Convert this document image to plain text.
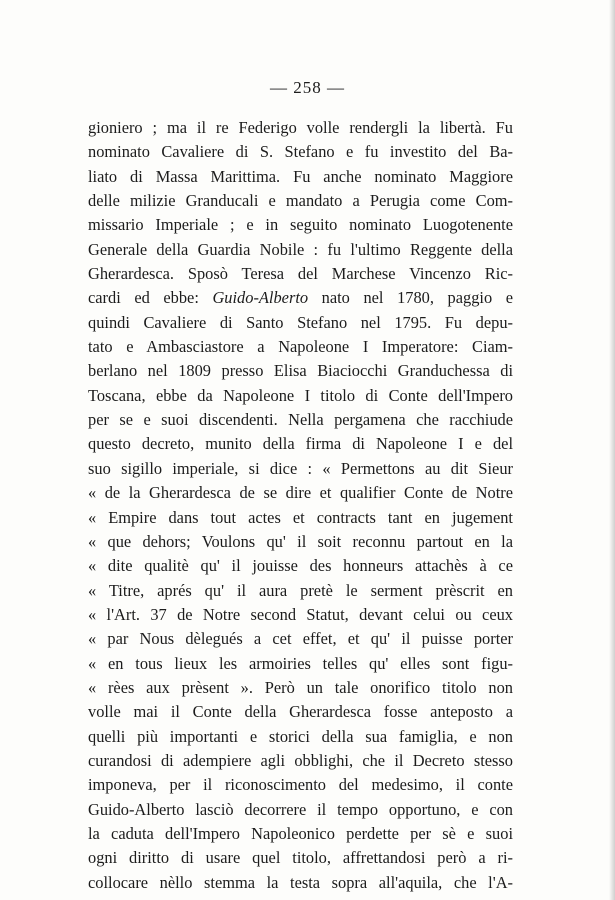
— 258 —
gioniero ; ma il re Federigo volle rendergli la libertà. Fu
nominato Cavaliere di S. Stefano e fu investito del Ba-
liato di Massa Marittima. Fu anche nominato Maggiore
delle milizie Granducali e mandato a Perugia come Com-
missario Imperiale ; e in seguito nominato Luogotenente
Generale della Guardia Nobile : fu l'ultimo Reggente della
Gherardesca. Sposò Teresa del Marchese Vincenzo Ric-
cardi ed ebbe: Guido-Alberto nato nel 1780, paggio e
quindi Cavaliere di Santo Stefano nel 1795. Fu depu-
tato e Ambasciastore a Napoleone I Imperatore: Ciam-
berlano nel 1809 presso Elisa Biaciocchi Granduchessa di
Toscana, ebbe da Napoleone I titolo di Conte dell'Impero
per se e suoi discendenti. Nella pergamena che racchiude
questo decreto, munito della firma di Napoleone I e del
suo sigillo imperiale, si dice : « Permettons au dit Sieur
« de la Gherardesca de se dire et qualifier Conte de Notre
« Empire dans tout actes et contracts tant en jugement
« que dehors; Voulons qu' il soit reconnu partout en la
« dite qualitè qu' il jouisse des honneurs attachès à ce
« Titre, aprés qu' il aura pretè le serment prèscrit en
« l'Art. 37 de Notre second Statut, devant celui ou ceux
« par Nous dèlegués a cet effet, et qu' il puisse porter
« en tous lieux les armoiries telles qu' elles sont figu-
« rèes aux prèsent ». Però un tale onorifico titolo non
volle mai il Conte della Gherardesca fosse anteposto a
quelli più importanti e storici della sua famiglia, e non
curandosi di adempiere agli obblighi, che il Decreto stesso
imponeva, per il riconoscimento del medesimo, il conte
Guido-Alberto lasciò decorrere il tempo opportuno, e con
la caduta dell'Impero Napoleonico perdette per sè e suoi
ogni diritto di usare quel titolo, affrettandosi però a ri-
collocare nèllo stemma la testa sopra all'aquila, che l'A-
